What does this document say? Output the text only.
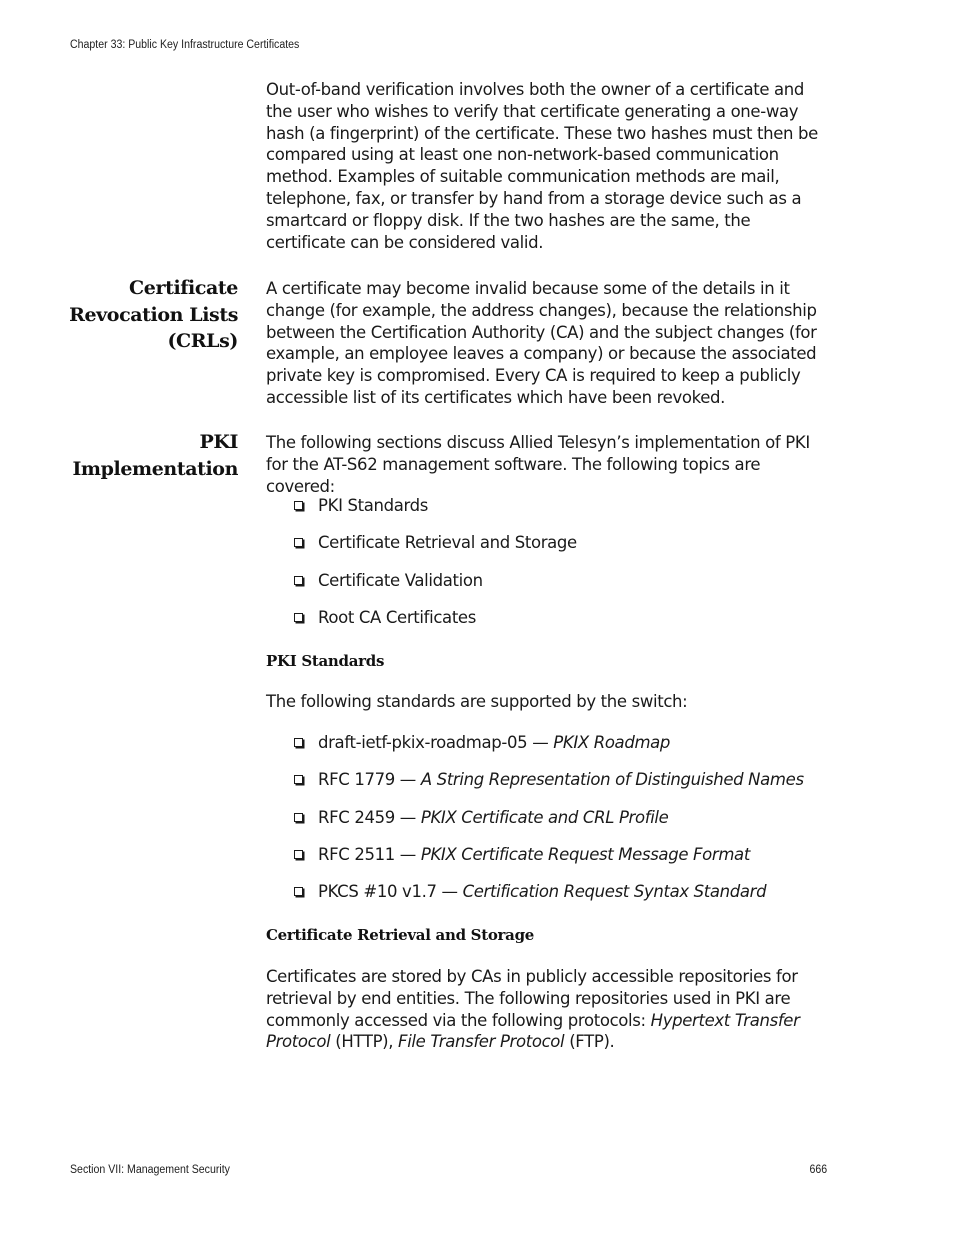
Chapter 33: Public Key Infrastructure Certificates

Out-of-band verification involves both the owner of a certificate and the user who wishes to verify that certificate generating a one-way hash (a fingerprint) of the certificate. These two hashes must then be compared using at least one non-network-based communication method. Examples of suitable communication methods are mail, telephone, fax, or transfer by hand from a storage device such as a smartcard or floppy disk. If the two hashes are the same, the certificate can be considered valid.

Certificate
Revocation Lists
(CRLs)

A certificate may become invalid because some of the details in it change (for example, the address changes), because the relationship between the Certification Authority (CA) and the subject changes (for example, an employee leaves a company) or because the associated private key is compromised. Every CA is required to keep a publicly accessible list of its certificates which have been revoked.

PKI
Implementation

The following sections discuss Allied Telesyn’s implementation of PKI for the AT-S62 management software. The following topics are covered:

PKI Standards
Certificate Retrieval and Storage
Certificate Validation
Root CA Certificates
PKI Standards

The following standards are supported by the switch:

draft-ietf-pkix-roadmap-05 — PKIX Roadmap
RFC 1779 — A String Representation of Distinguished Names
RFC 2459 — PKIX Certificate and CRL Profile
RFC 2511 — PKIX Certificate Request Message Format
PKCS #10 v1.7 — Certification Request Syntax Standard
Certificate Retrieval and Storage

Certificates are stored by CAs in publicly accessible repositories for retrieval by end entities. The following repositories used in PKI are commonly accessed via the following protocols: Hypertext Transfer Protocol (HTTP), File Transfer Protocol (FTP).

Section VII: Management Security	666
